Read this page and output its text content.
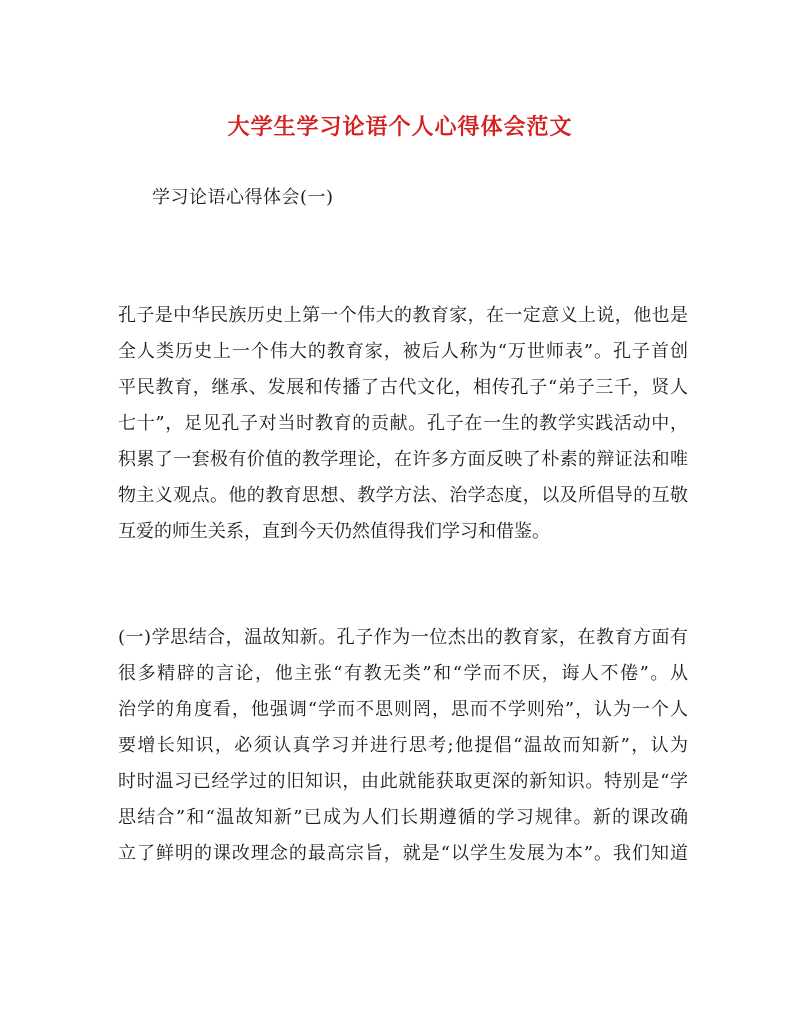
大学生学习论语个人心得体会范文
学习论语心得体会(一)
孔子是中华民族历史上第一个伟大的教育家，在一定意义上说，他也是
全人类历史上一个伟大的教育家，被后人称为“万世师表”。孔子首创
平民教育，继承、发展和传播了古代文化，相传孔子“弟子三千，贤人
七十”，足见孔子对当时教育的贡献。孔子在一生的教学实践活动中，
积累了一套极有价值的教学理论，在许多方面反映了朴素的辩证法和唯
物主义观点。他的教育思想、教学方法、治学态度，以及所倡导的互敬
互爱的师生关系，直到今天仍然值得我们学习和借鉴。
(一)学思结合，温故知新。孔子作为一位杰出的教育家，在教育方面有
很多精辟的言论，他主张“有教无类”和“学而不厌，诲人不倦”。从
治学的角度看，他强调“学而不思则罔，思而不学则殆”，认为一个人
要增长知识，必须认真学习并进行思考;他提倡“温故而知新”，认为
时时温习已经学过的旧知识，由此就能获取更深的新知识。特别是“学
思结合”和“温故知新”已成为人们长期遵循的学习规律。新的课改确
立了鲜明的课改理念的最高宗旨，就是“以学生发展为本”。我们知道
